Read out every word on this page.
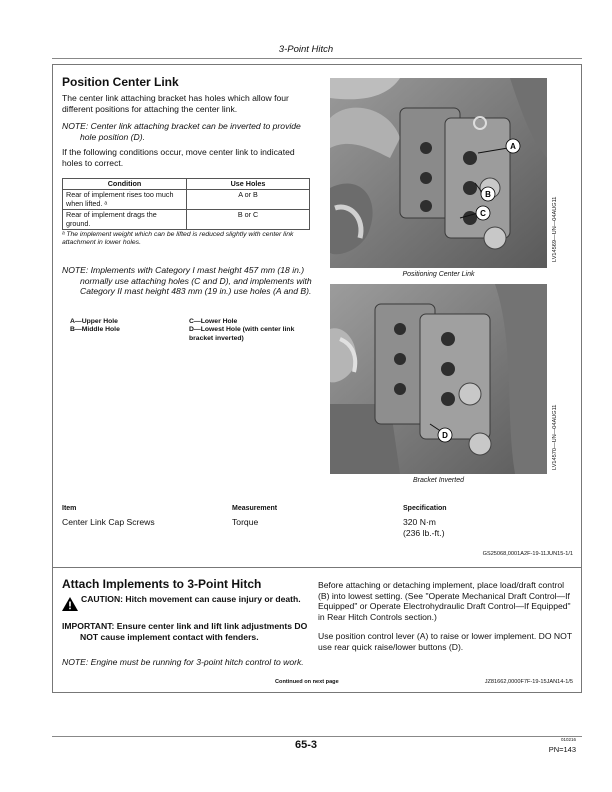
3-Point Hitch
Position Center Link
The center link attaching bracket has holes which allow four different positions for attaching the center link.
NOTE: Center link attaching bracket can be inverted to provide hole position (D).
If the following conditions occur, move center link to indicated holes to correct.
Condition	Use Holes
Rear of implement rises too much when lifted. ᵃ	A or B
Rear of implement drags the ground.	B or C
ᵃ The implement weight which can be lifted is reduced slightly with center link attachment in lower holes.
NOTE: Implements with Category I mast height 457 mm (18 in.) normally use attaching holes (C and D), and implements with Category II mast height 483 mm (19 in.) use holes (A and B).
A—Upper Hole
B—Middle Hole
C—Lower Hole
D—Lowest Hole (with center link bracket inverted)
A
B
C	LV14569—UN—04AUG11
Positioning Center Link
D	LV14570—UN—04AUG11
Bracket Inverted
Item	Measurement	Specification
Center Link Cap Screws	Torque	320 N·m
(236 lb.-ft.)
GS25068,0001A2F-19-11JUN15-1/1
Attach Implements to 3-Point Hitch
CAUTION: Hitch movement can cause injury or death.
IMPORTANT: Ensure center link and lift link adjustments DO NOT cause implement contact with fenders.
NOTE: Engine must be running for 3-point hitch control to work.
Before attaching or detaching implement, place load/draft control (B) into lowest setting. (See "Operate Mechanical Draft Control—If Equipped" or Operate Electrohydraulic Draft Control—If Equipped" in Rear Hitch Controls section.)
Use position control lever (A) to raise or lower implement. DO NOT use rear quick raise/lower buttons (D).
Continued on next page	JZ81662,0000F7F-19-15JAN14-1/5
65-3	010216
PN=143
